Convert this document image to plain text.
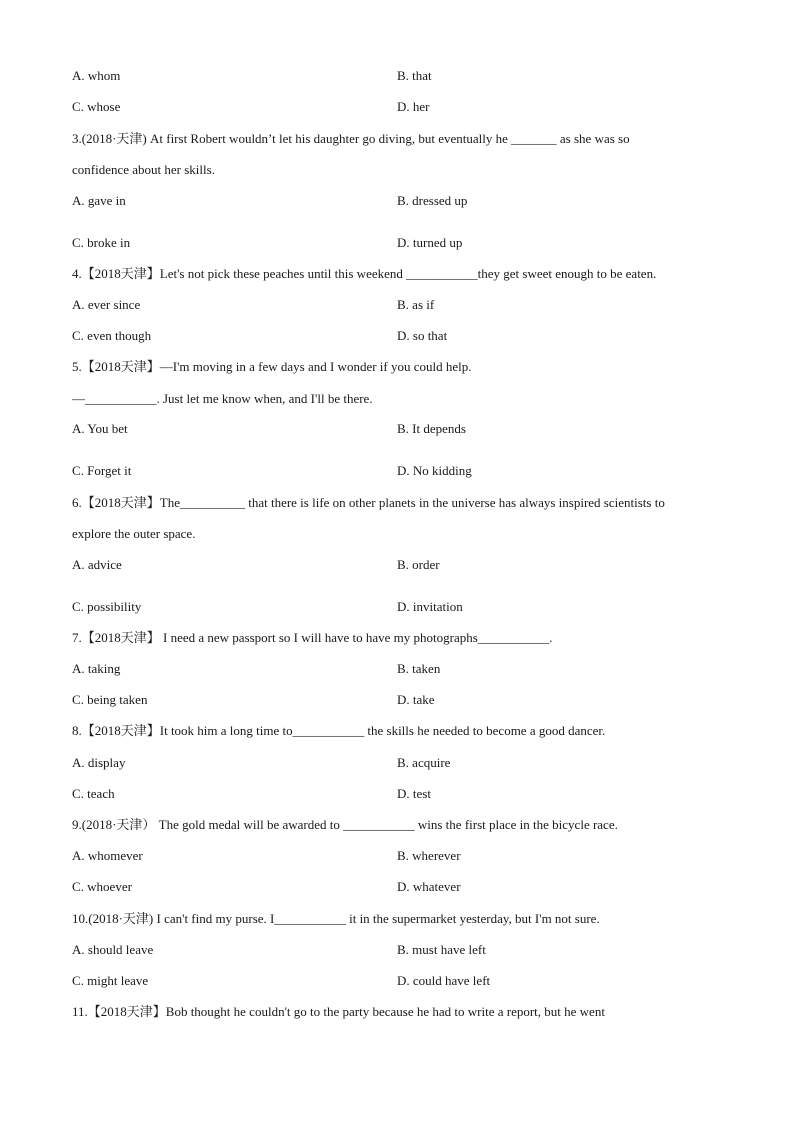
A. whom	B. that
C. whose	D. her
3.(2018·天津) At first Robert wouldn’t let his daughter go diving, but eventually he _______ as she was so
confidence about her skills.
A. gave in	B. dressed up
C. broke in	D. turned up
4.【2018天津】Let's not pick these peaches until this weekend ___________they get sweet enough to be eaten.
A. ever since	B. as if
C. even though	D. so that
5.【2018天津】—I'm moving in a few days and I wonder if you could help.
—___________. Just let me know when, and I'll be there.
A. You bet	B. It depends
C. Forget it	D. No kidding
6.【2018天津】The__________ that there is life on other planets in the universe has always inspired scientists to
explore the outer space.
A. advice	B. order
C. possibility	D. invitation
7.【2018天津】 I need a new passport so I will have to have my photographs___________.
A. taking	B. taken
C. being taken	D. take
8.【2018天津】It took him a long time to___________ the skills he needed to become a good dancer.
A. display	B. acquire
C. teach	D. test
9.(2018·天津） The gold medal will be awarded to ___________ wins the first place in the bicycle race.
A. whomever	B. wherever
C. whoever	D. whatever
10.(2018·天津) I can't find my purse. I___________ it in the supermarket yesterday, but I'm not sure.
A. should leave	B. must have left
C. might leave	D. could have left
11.【2018天津】Bob thought he couldn't go to the party because he had to write a report, but he went
